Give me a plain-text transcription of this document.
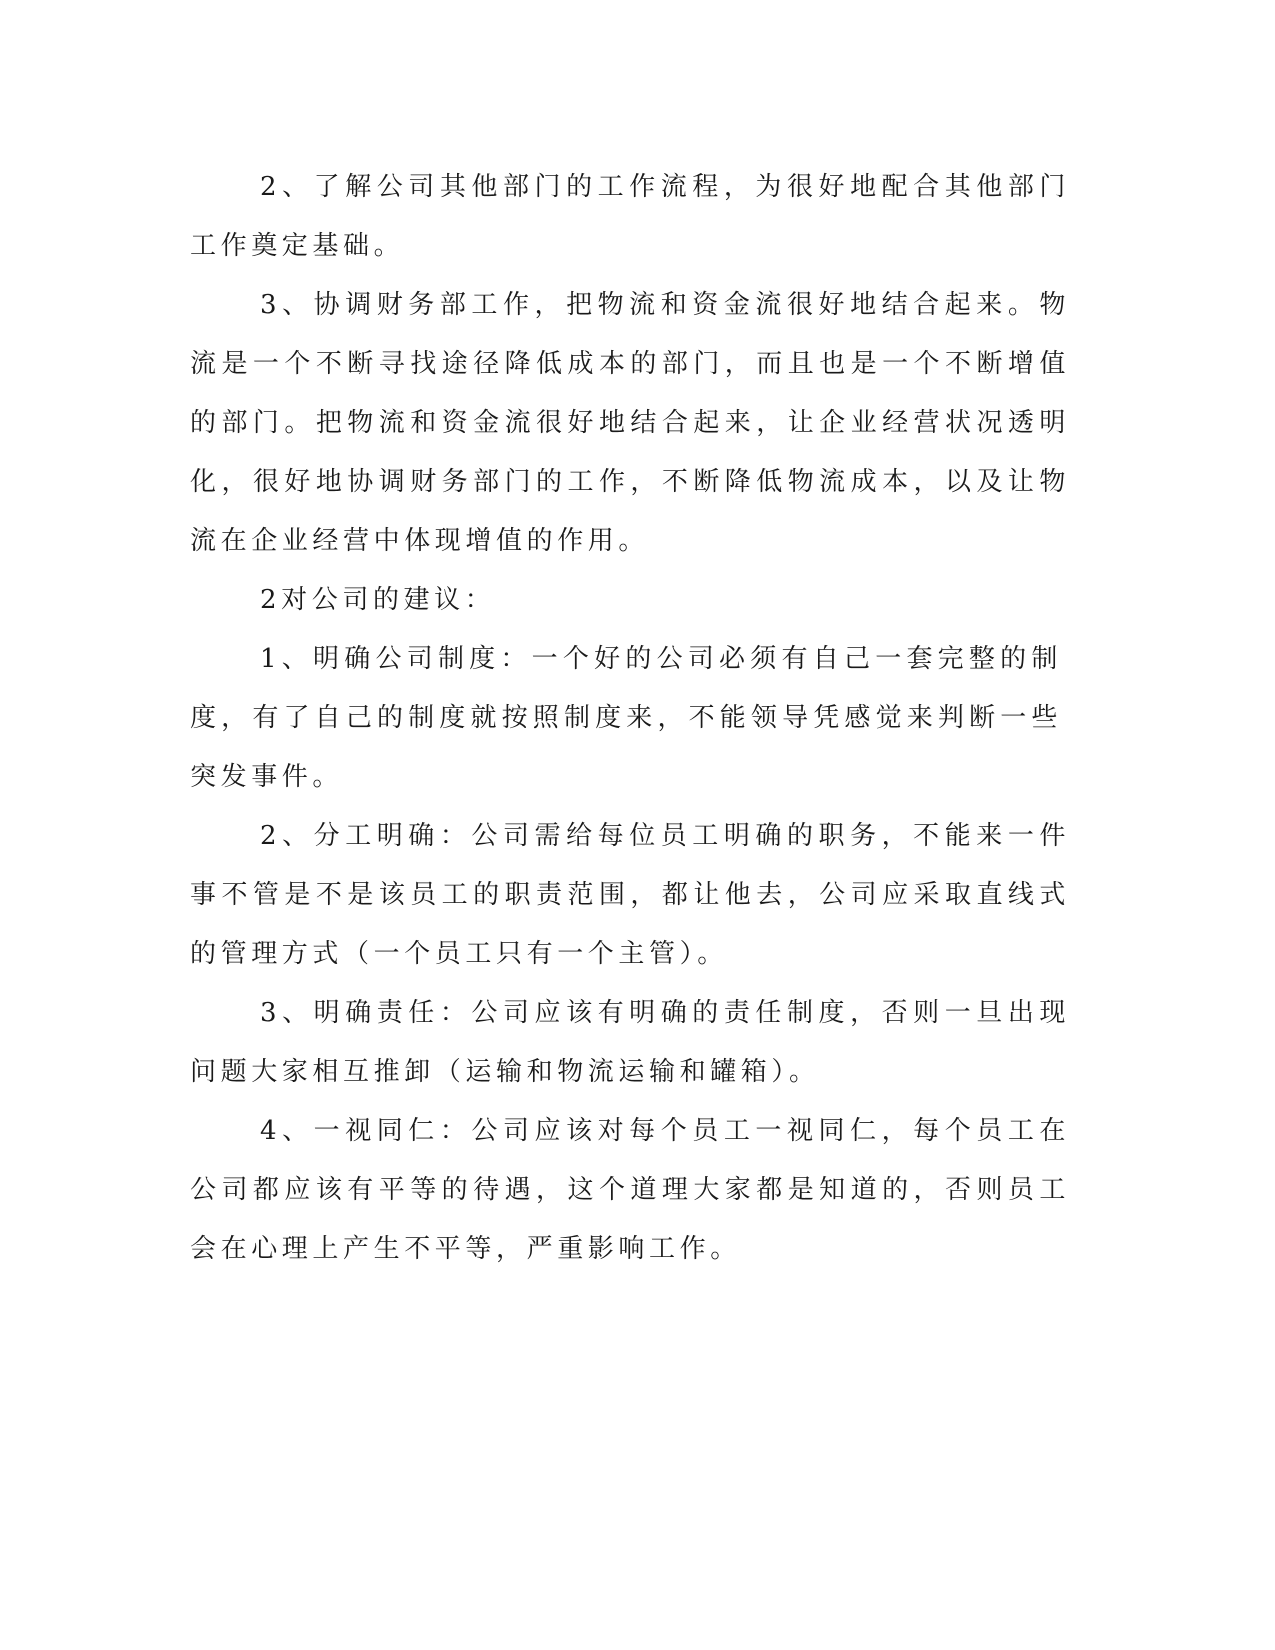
2、了解公司其他部门的工作流程，为很好地配合其他部门工作奠定基础。

3、协调财务部工作，把物流和资金流很好地结合起来。物流是一个不断寻找途径降低成本的部门，而且也是一个不断增值的部门。把物流和资金流很好地结合起来，让企业经营状况透明化，很好地协调财务部门的工作，不断降低物流成本，以及让物流在企业经营中体现增值的作用。

2对公司的建议：

1、明确公司制度：一个好的公司必须有自己一套完整的制度，有了自己的制度就按照制度来，不能领导凭感觉来判断一些突发事件。

2、分工明确：公司需给每位员工明确的职务，不能来一件事不管是不是该员工的职责范围，都让他去，公司应采取直线式的管理方式（一个员工只有一个主管）。

3、明确责任：公司应该有明确的责任制度，否则一旦出现问题大家相互推卸（运输和物流运输和罐箱）。

4、一视同仁：公司应该对每个员工一视同仁，每个员工在公司都应该有平等的待遇，这个道理大家都是知道的，否则员工会在心理上产生不平等，严重影响工作。
